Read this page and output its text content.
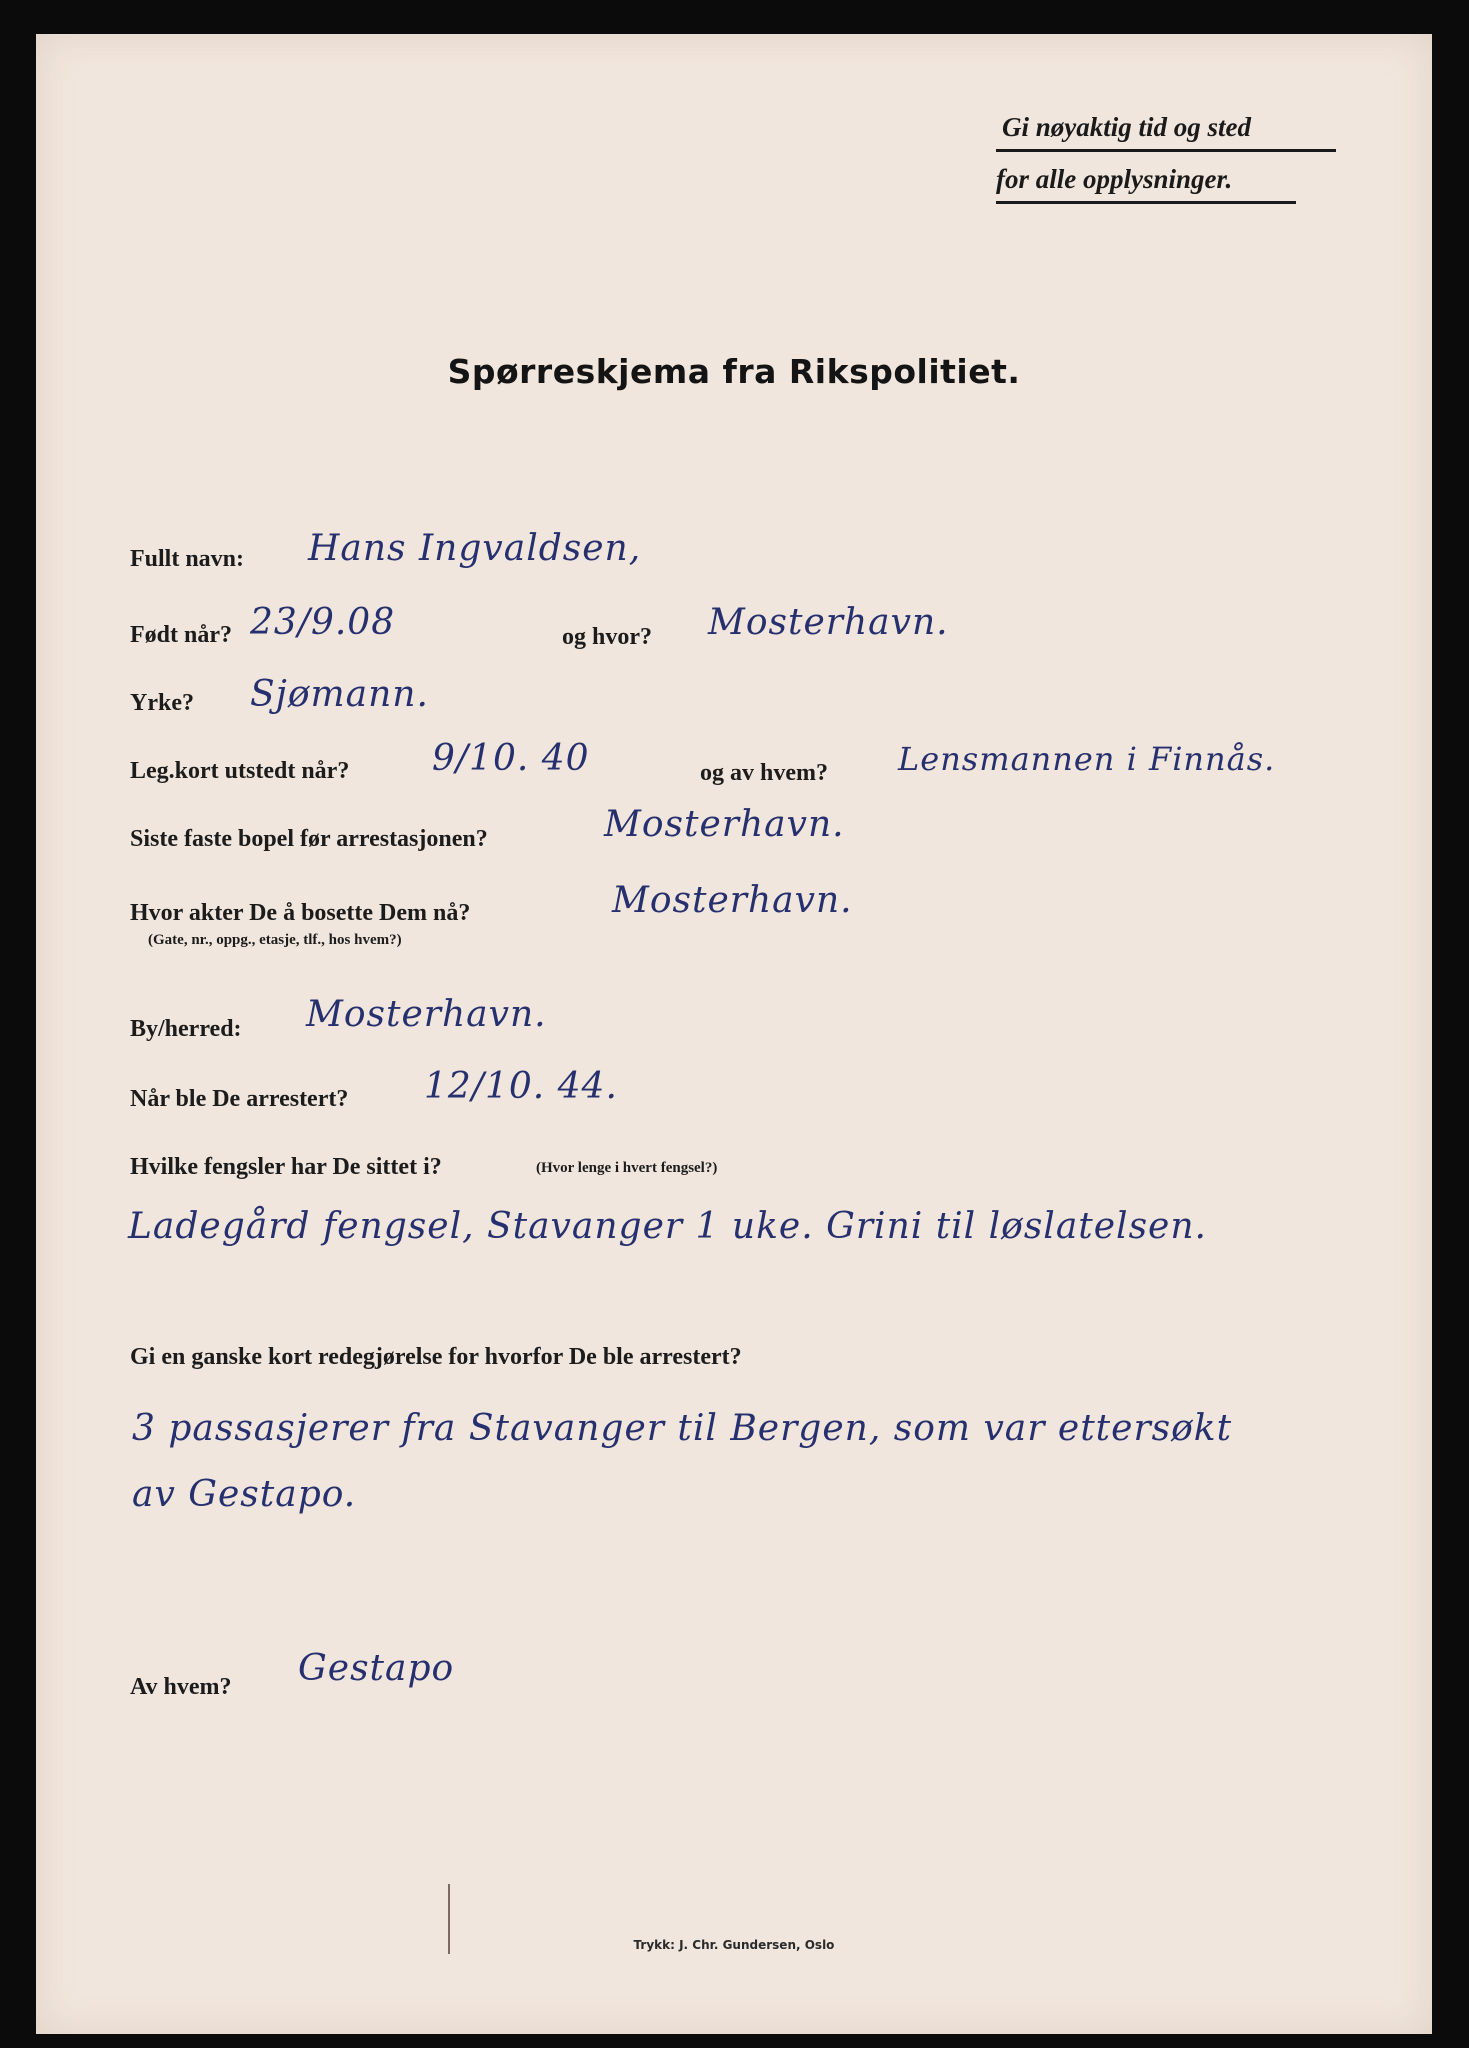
Gi nøyaktig tid og sted
for alle opplysninger.
Spørreskjema fra Rikspolitiet.
Fullt navn: Hans Ingvaldsen,
Født når? 23/9.08	og hvor? Mosterhavn.
Yrke? Sjømann.
Leg.kort utstedt når? 9/10. 40	og av hvem? Lensmannen i Finnås.
Siste faste bopel før arrestasjonen?	Mosterhavn.
Hvor akter De å bosette Dem nå?
(Gate, nr., oppg., etasje, tlf., hos hvem?)
Mosterhavn.
By/herred: Mosterhavn.
Når ble De arrestert? 12/10. 44.
Hvilke fengsler har De sittet i?	(Hvor lenge i hvert fengsel?)
Ladegård fengsel, Stavanger 1 uke. Grini til løslatelsen.
Gi en ganske kort redegjørelse for hvorfor De ble arrestert?
3 passasjerer fra Stavanger til Bergen, som var ettersøkt
av Gestapo.
Av hvem? Gestapo
Trykk: J. Chr. Gundersen, Oslo
